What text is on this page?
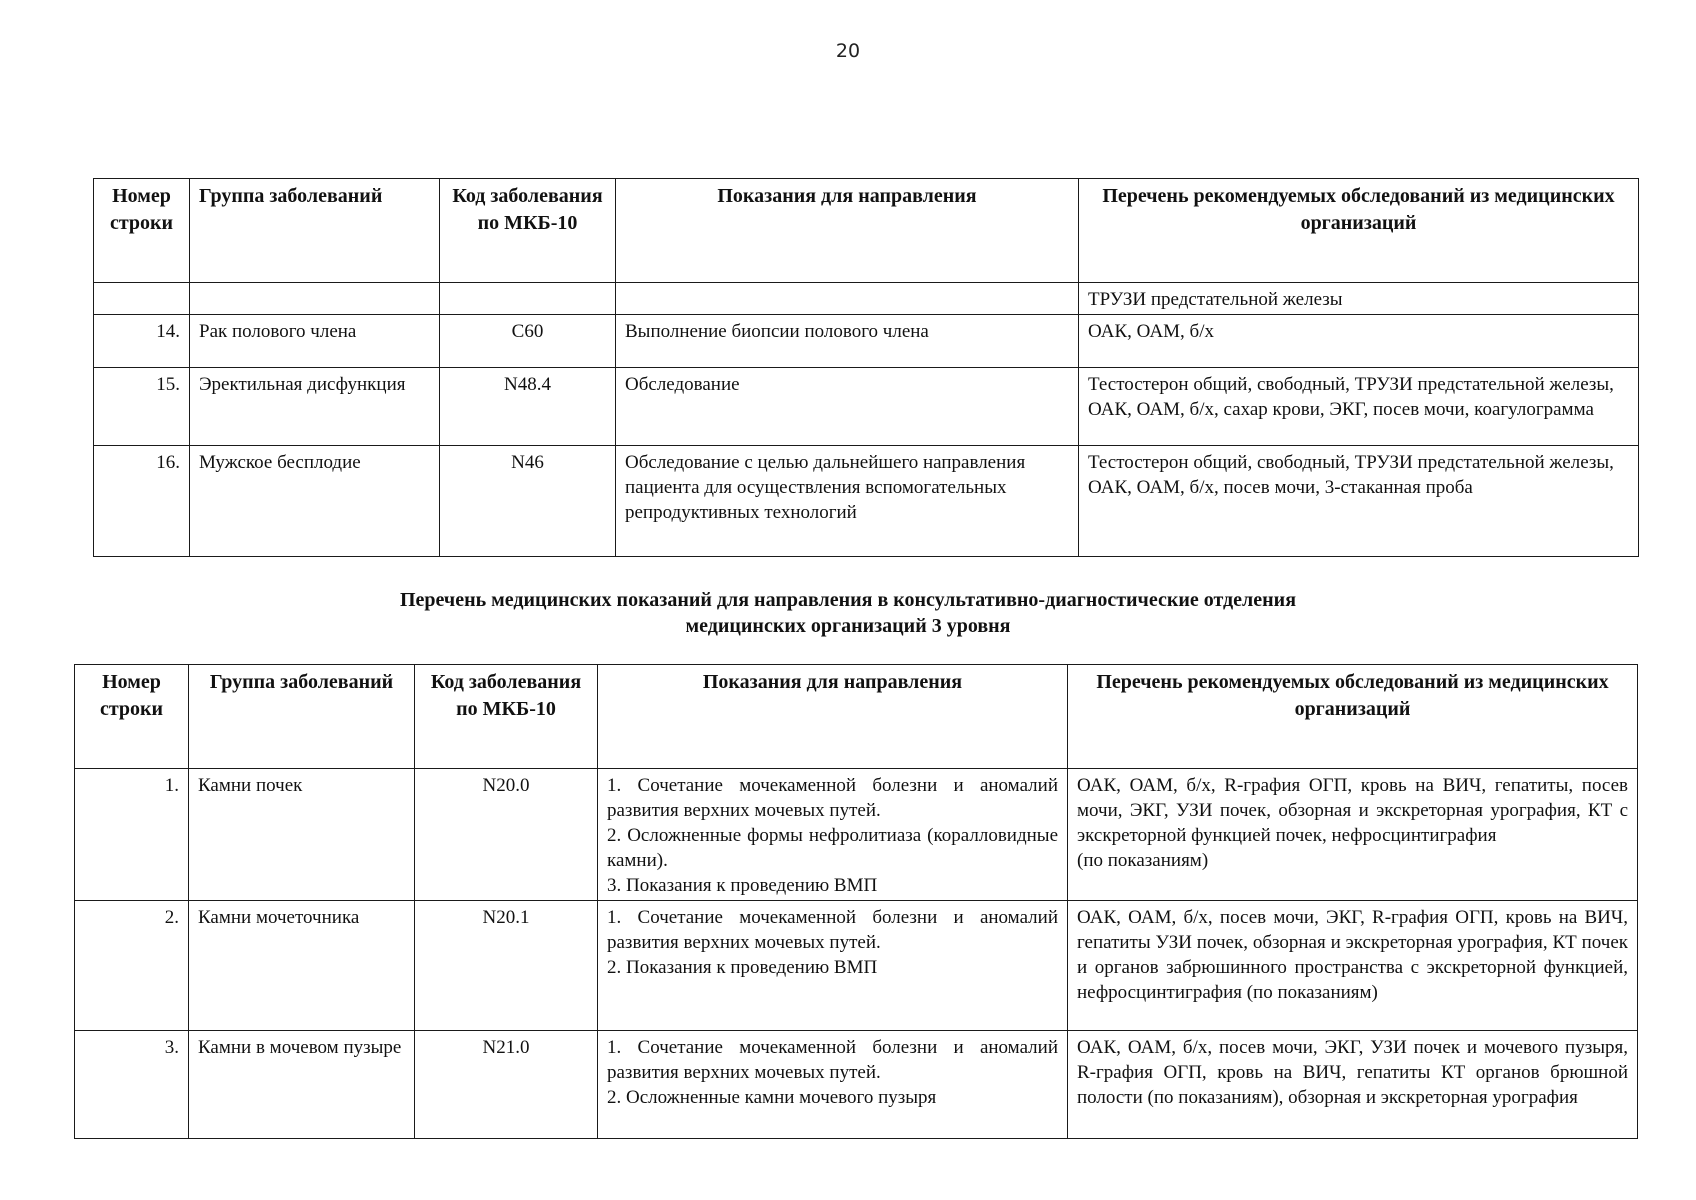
20
Номер строки	Группа заболеваний	Код заболевания по МКБ-10	Показания для направления	Перечень рекомендуемых обследований из медицинских организаций
				ТРУЗИ предстательной железы
14.	Рак полового члена	C60	Выполнение биопсии полового члена	ОАК, ОАМ, б/х
15.	Эректильная дисфункция	N48.4	Обследование	Тестостерон общий, свободный, ТРУЗИ предстательной железы, ОАК, ОАМ, б/х, сахар крови, ЭКГ, посев мочи, коагулограмма
16.	Мужское бесплодие	N46	Обследование с целью дальнейшего направления пациента для осуществления вспомогательных репродуктивных технологий	Тестостерон общий, свободный, ТРУЗИ предстательной железы, ОАК, ОАМ, б/х, посев мочи, 3-стаканная проба
Перечень медицинских показаний для направления в консультативно-диагностические отделения
медицинских организаций 3 уровня
Номер строки	Группа заболеваний	Код заболевания по МКБ-10	Показания для направления	Перечень рекомендуемых обследований из медицинских организаций
1.	Камни почек	N20.0	1. Сочетание мочекаменной болезни и аномалий развития верхних мочевых путей.
2. Осложненные формы нефролитиаза (коралловидные камни).
3. Показания к проведению ВМП	ОАК, ОАМ, б/х, R-графия ОГП, кровь на ВИЧ, гепатиты, посев мочи, ЭКГ, УЗИ почек, обзорная и экскреторная урография, КТ с экскреторной функцией почек, нефросцинтиграфия
(по показаниям)

2.	Камни мочеточника	N20.1	1. Сочетание мочекаменной болезни и аномалий развития верхних мочевых путей.
2. Показания к проведению ВМП	ОАК, ОАМ, б/х, посев мочи, ЭКГ, R-графия ОГП, кровь на ВИЧ, гепатиты УЗИ почек, обзорная и экскреторная урография, КТ почек и органов забрюшинного пространства с экскреторной функцией, нефросцинтиграфия (по показаниям)

3.	Камни в мочевом пузыре	N21.0	1. Сочетание мочекаменной болезни и аномалий развития верхних мочевых путей.
2. Осложненные камни мочевого пузыря	ОАК, ОАМ, б/х, посев мочи, ЭКГ, УЗИ почек и мочевого пузыря, R-графия ОГП, кровь на ВИЧ, гепатиты КТ органов брюшной полости (по показаниям), обзорная и экскреторная урография
